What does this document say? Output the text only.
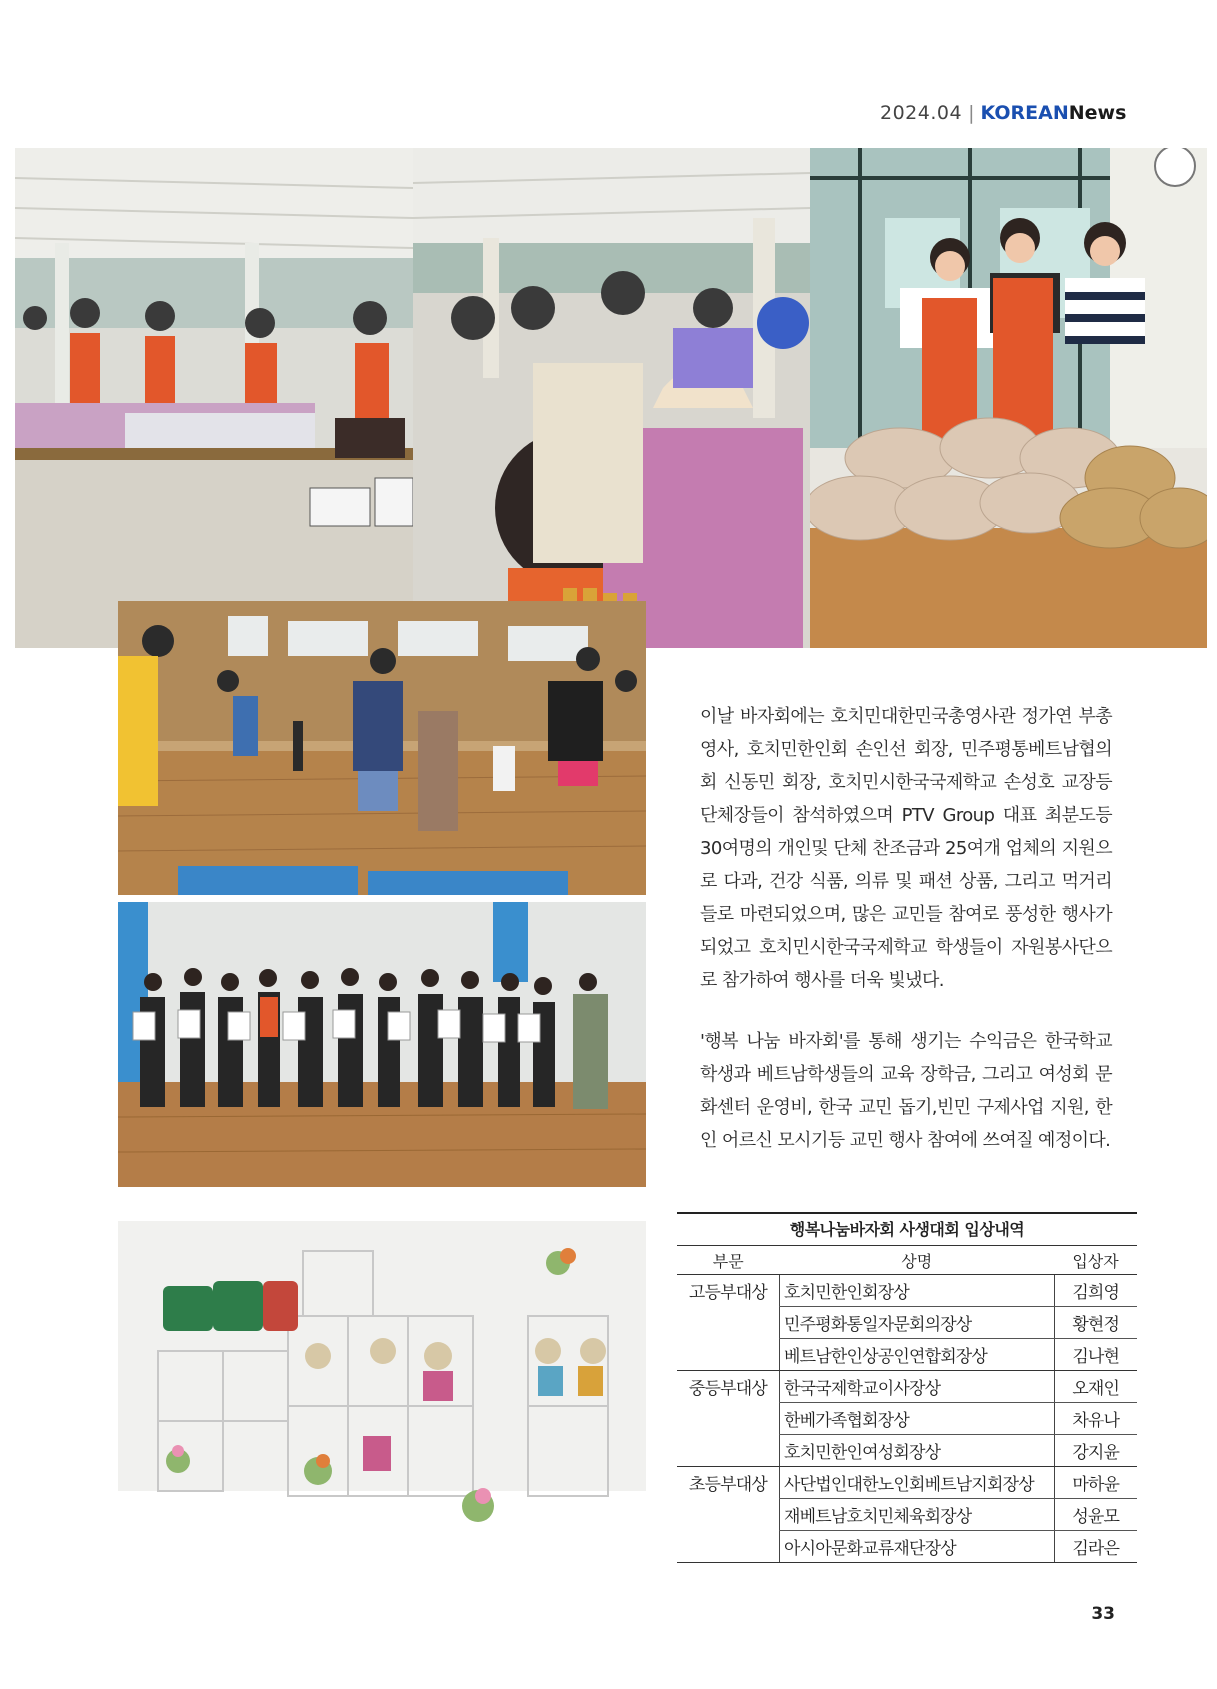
2024.04 | KOREANNews

이날 바자회에는 호치민대한민국총영사관 정가연 부총영사, 호치민한인회 손인선 회장, 민주평통베트남협의회 신동민 회장, 호치민시한국국제학교 손성호 교장등 단체장들이 참석하였으며 PTV Group 대표 최분도등 30여명의 개인및 단체 찬조금과 25여개 업체의 지원으로 다과, 건강 식품, 의류 및 패션 상품, 그리고 먹거리들로 마련되었으며, 많은 교민들 참여로 풍성한 행사가 되었고 호치민시한국국제학교 학생들이 자원봉사단으로 참가하여 행사를 더욱 빛냈다.

'행복 나눔 바자회'를 통해 생기는 수익금은 한국학교 학생과 베트남학생들의 교육 장학금, 그리고 여성회 문화센터 운영비, 한국 교민 돕기,빈민 구제사업 지원, 한인 어르신 모시기등 교민 행사 참여에 쓰여질 예정이다.

행복나눔바자회 사생대회 입상내역
부문	상명	입상자
고등부대상	호치민한인회장상	김희영
	민주평화통일자문회의장상	황현정
	베트남한인상공인연합회장상	김나현
중등부대상	한국국제학교이사장상	오재인
	한베가족협회장상	차유나
	호치민한인여성회장상	강지윤
초등부대상	사단법인대한노인회베트남지회장상	마하윤
	재베트남호치민체육회장상	성윤모
	아시아문화교류재단장상	김라은
33
